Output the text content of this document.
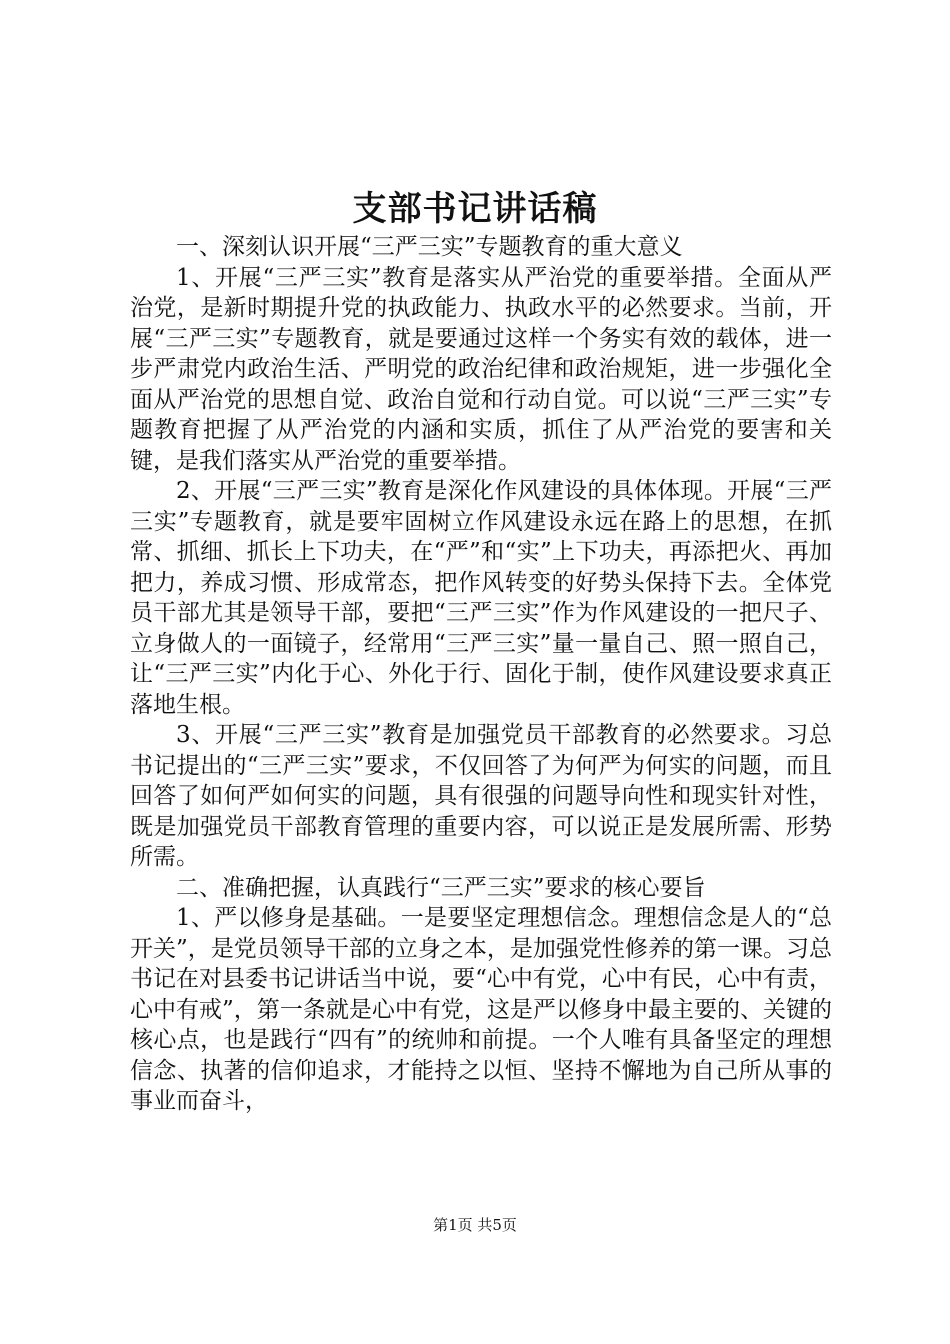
支部书记讲话稿

一、深刻认识开展“三严三实”专题教育的重大意义

1、开展“三严三实”教育是落实从严治党的重要举措。全面从严治党，是新时期提升党的执政能力、执政水平的必然要求。当前，开展“三严三实”专题教育，就是要通过这样一个务实有效的载体，进一步严肃党内政治生活、严明党的政治纪律和政治规矩，进一步强化全面从严治党的思想自觉、政治自觉和行动自觉。可以说“三严三实”专题教育把握了从严治党的内涵和实质，抓住了从严治党的要害和关键，是我们落实从严治党的重要举措。

2、开展“三严三实”教育是深化作风建设的具体体现。开展“三严三实”专题教育，就是要牢固树立作风建设永远在路上的思想，在抓常、抓细、抓长上下功夫，在“严”和“实”上下功夫，再添把火、再加把力，养成习惯、形成常态，把作风转变的好势头保持下去。全体党员干部尤其是领导干部，要把“三严三实”作为作风建设的一把尺子、立身做人的一面镜子，经常用“三严三实”量一量自己、照一照自己，让“三严三实”内化于心、外化于行、固化于制，使作风建设要求真正落地生根。

3、开展“三严三实”教育是加强党员干部教育的必然要求。习总书记提出的“三严三实”要求，不仅回答了为何严为何实的问题，而且回答了如何严如何实的问题，具有很强的问题导向性和现实针对性，既是加强党员干部教育管理的重要内容，可以说正是发展所需、形势所需。

二、准确把握，认真践行“三严三实”要求的核心要旨

1、严以修身是基础。一是要坚定理想信念。理想信念是人的“总开关”，是党员领导干部的立身之本，是加强党性修养的第一课。习总书记在对县委书记讲话当中说，要“心中有党，心中有民，心中有责，心中有戒”，第一条就是心中有党，这是严以修身中最主要的、关键的核心点，也是践行“四有”的统帅和前提。一个人唯有具备坚定的理想信念、执著的信仰追求，才能持之以恒、坚持不懈地为自己所从事的事业而奋斗，

第1页 共5页
